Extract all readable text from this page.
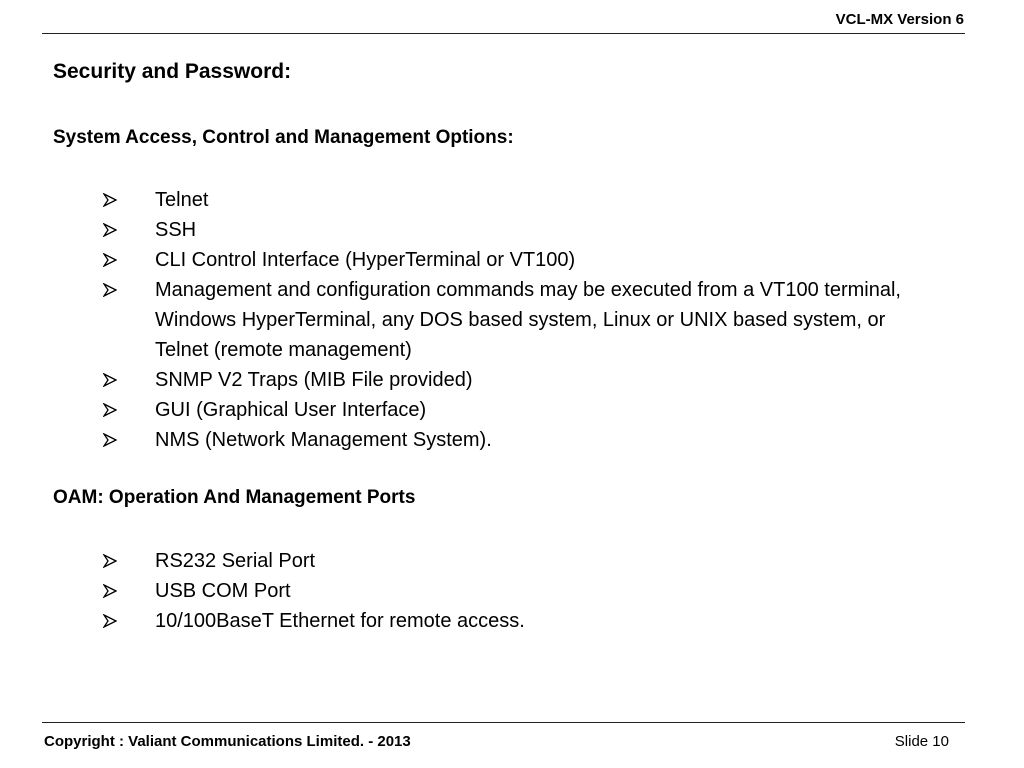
VCL-MX Version 6
Security and Password:
System Access, Control and Management Options:
Telnet
SSH
CLI Control Interface (HyperTerminal or VT100)
Management and configuration commands may be executed from a VT100 terminal, Windows HyperTerminal, any DOS based system, Linux or UNIX based system, or Telnet (remote management)
SNMP V2 Traps (MIB File provided)
GUI (Graphical User Interface)
NMS (Network Management System).
OAM: Operation And Management Ports
RS232 Serial Port
USB COM Port
10/100BaseT Ethernet for remote access.
Copyright : Valiant Communications Limited. - 2013	Slide 10
